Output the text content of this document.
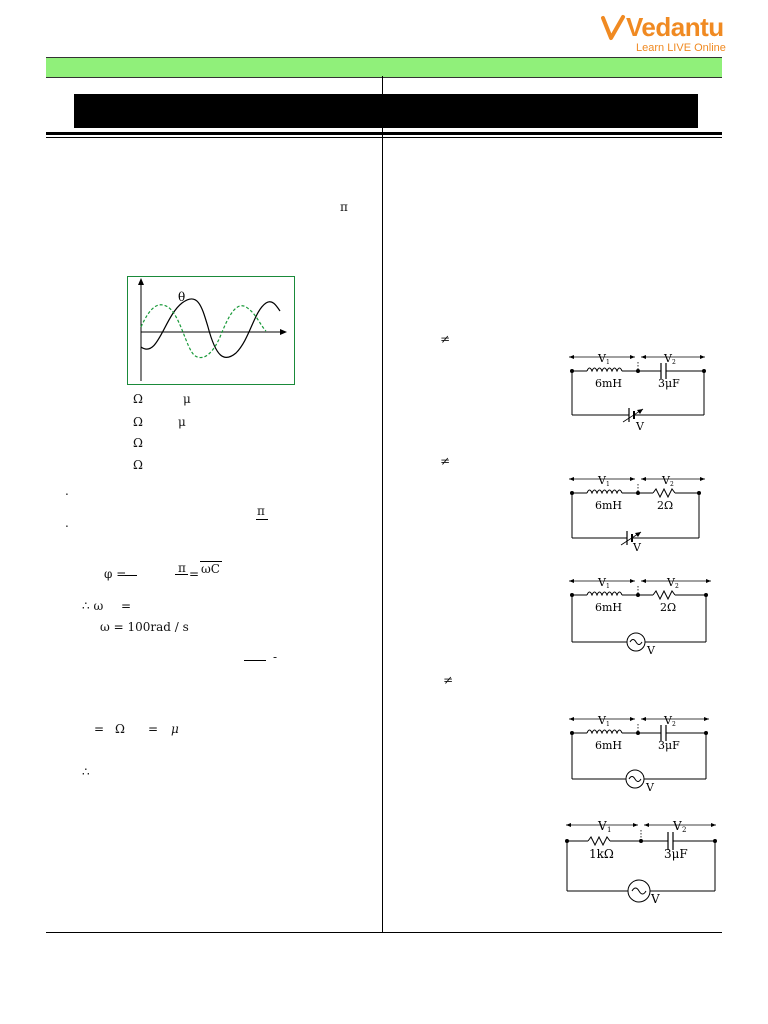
Vedantu
Learn LIVE Online
π
θ
Ω	μ
Ω	μ
Ω
Ω
.
.
π
φ =	π = ωC
∴ ω =
ω = 100rad / s
-
= Ω = μ
∴
≠
≠
≠
V 1	V 2
6mH	3μF
V
V 1	V 2
6mH	2Ω
V
V 1	V 2
6mH	2Ω
V
V 1	V 2
6mH	3μF
V
V 1	V 2
1kΩ	3μF
V
